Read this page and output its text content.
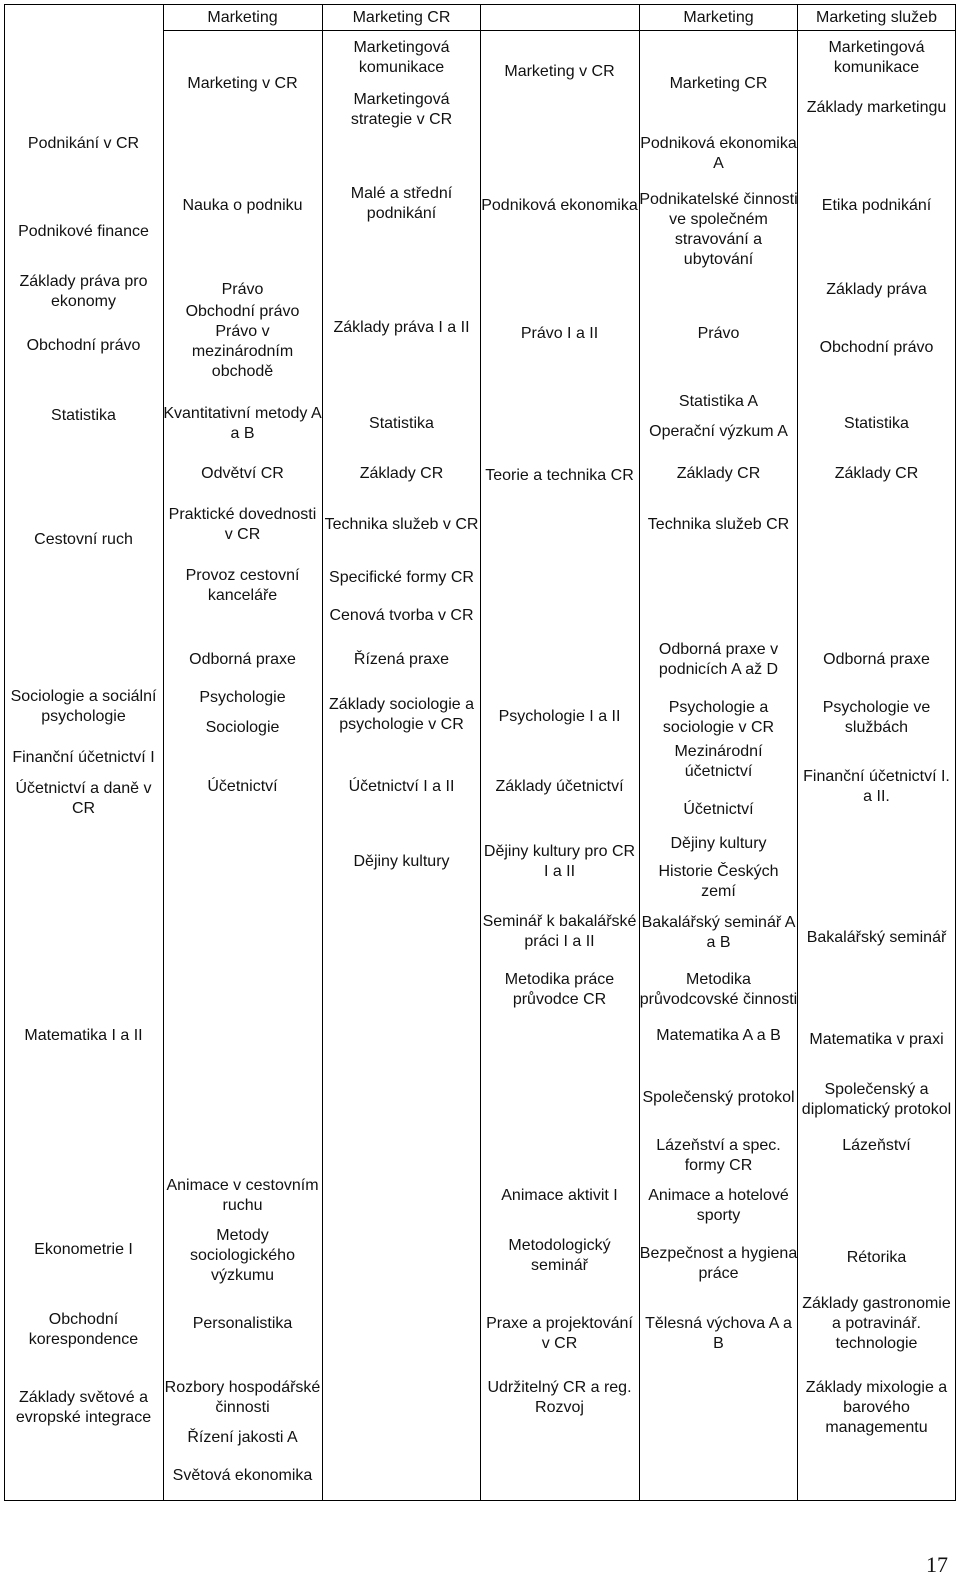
Podnikání v CR
Podnikové finance
Základy práva pro ekonomy
Obchodní právo
Statistika
Cestovní ruch
Sociologie a sociální psychologie
Finanční účetnictví I
Účetnictví a daně v CR
Matematika I a II
Ekonometrie I
Obchodní korespondence
Základy světové a evropské integrace
Marketing
Marketing v CR
Nauka o podniku
Právo
Obchodní právo
Právo v mezinárodním obchodě
Kvantitativní metody A a B
Odvětví CR
Praktické dovednosti v CR
Provoz cestovní kanceláře
Odborná praxe
Psychologie
Sociologie
Účetnictví
Animace v cestovním ruchu
Metody sociologického výzkumu
Personalistika
Rozbory hospodářské činnosti
Řízení jakosti A
Světová ekonomika
Marketing CR
Marketingová komunikace
Marketingová strategie v CR
Malé a střední podnikání
Základy práva I a II
Statistika
Základy CR
Technika služeb v CR
Specifické formy CR
Cenová tvorba v CR
Řízená praxe
Základy sociologie a psychologie v CR
Účetnictví I a II
Dějiny kultury
Marketing v CR
Podniková ekonomika
Právo I a II
Teorie a technika CR
Psychologie I a II
Základy účetnictví
Dějiny kultury pro CR I a II
Seminář k bakalářské práci I a II
Metodika práce průvodce CR
Animace aktivit I
Metodologický seminář
Praxe a projektování v CR
Udržitelný CR a reg. Rozvoj
Marketing
Marketing CR
Podniková ekonomika A
Podnikatelské činnosti ve společném stravování a ubytování
Právo
Statistika A
Operační výzkum A
Základy CR
Technika služeb CR
Odborná praxe v podnicích A až D
Psychologie a sociologie v CR
Mezinárodní účetnictví
Účetnictví
Dějiny kultury
Historie Českých zemí
Bakalářský seminář A a B
Metodika průvodcovské činnosti
Matematika A a B
Společenský protokol
Lázeňství a spec. formy CR
Animace a hotelové sporty
Bezpečnost a hygiena práce
Tělesná výchova A a B
Marketing služeb
Marketingová komunikace
Základy marketingu
Etika podnikání
Základy práva
Obchodní právo
Statistika
Základy CR
Odborná praxe
Psychologie ve službách
Finanční účetnictví I. a II.
Bakalářský seminář
Matematika v praxi
Společenský a diplomatický protokol
Lázeňství
Rétorika
Základy gastronomie a potravinář. technologie
Základy mixologie a barového managementu
17
